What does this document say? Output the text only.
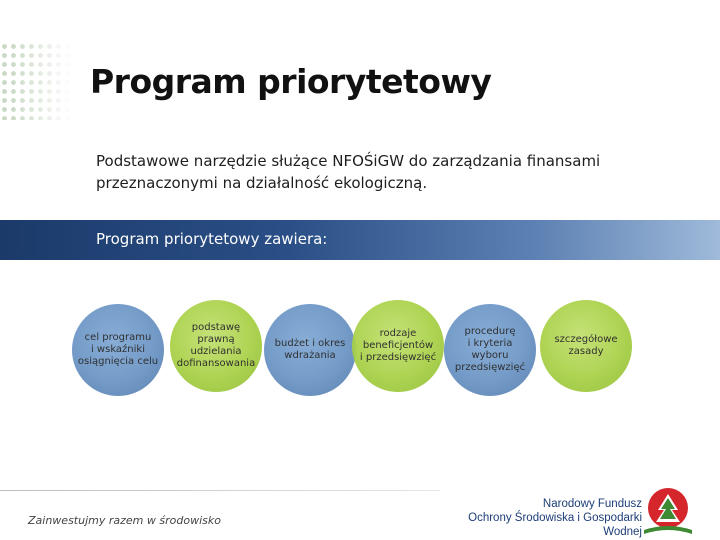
Program priorytetowy
Podstawowe narzędzie służące NFOŚiGW do zarządzania finansami przeznaczonymi na działalność ekologiczną.
Program priorytetowy zawiera:
cel programu
i wskaźniki
osiągnięcia celu
podstawę
prawną
udzielania
dofinansowania
budżet i okres
wdrażania
rodzaje
beneficjentów
i przedsięwzięć
procedurę
i kryteria
wyboru
przedsięwzięć
szczegółowe
zasady
Zainwestujmy razem w środowisko
Narodowy Fundusz
Ochrony Środowiska i Gospodarki Wodnej
